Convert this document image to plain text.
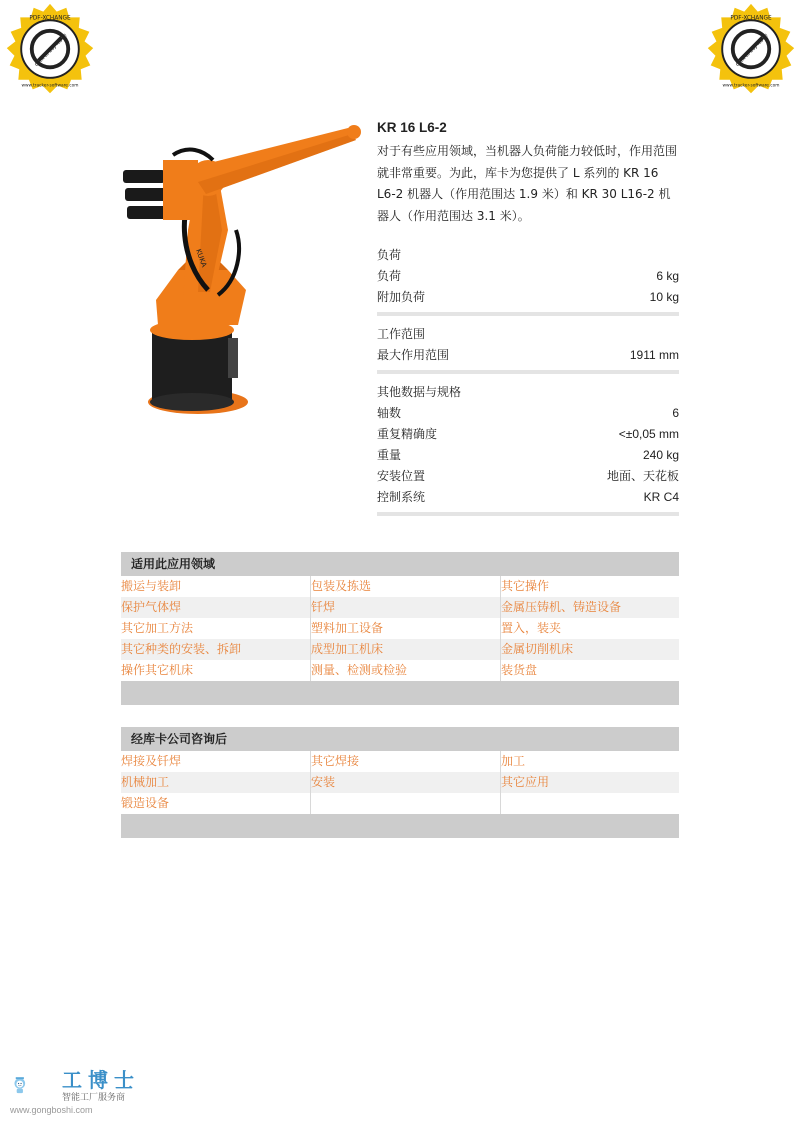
PDF-XCHANGE
Click to buy NOW!
www.tracker-software.com
PDF-XCHANGE
Click to buy NOW!
www.tracker-software.com
KUKA
KR 16 L6-2
对于有些应用领域，当机器人负荷能力较低时，作用范围
就非常重要。为此，库卡为您提供了 L 系列的 KR 16
L6-2 机器人（作用范围达 1.9 米）和 KR 30 L16-2 机
器人（作用范围达 3.1 米）。
负荷
负荷	6 kg
附加负荷	10 kg
工作范围
最大作用范围	1911 mm
其他数据与规格
轴数	6
重复精确度	<±0,05 mm
重量	240 kg
安装位置	地面、天花板
控制系统	KR C4
适用此应用领域
搬运与装卸	包装及拣选	其它操作
保护气体焊	钎焊	金属压铸机、铸造设备
其它加工方法	塑料加工设备	置入，装夹
其它种类的安装、拆卸	成型加工机床	金属切削机床
操作其它机床	测量、检测或检验	装货盘
经库卡公司咨询后
焊接及钎焊	其它焊接	加工
机械加工	安装	其它应用
锻造设备
工博士
智能工厂服务商
www.gongboshi.com
